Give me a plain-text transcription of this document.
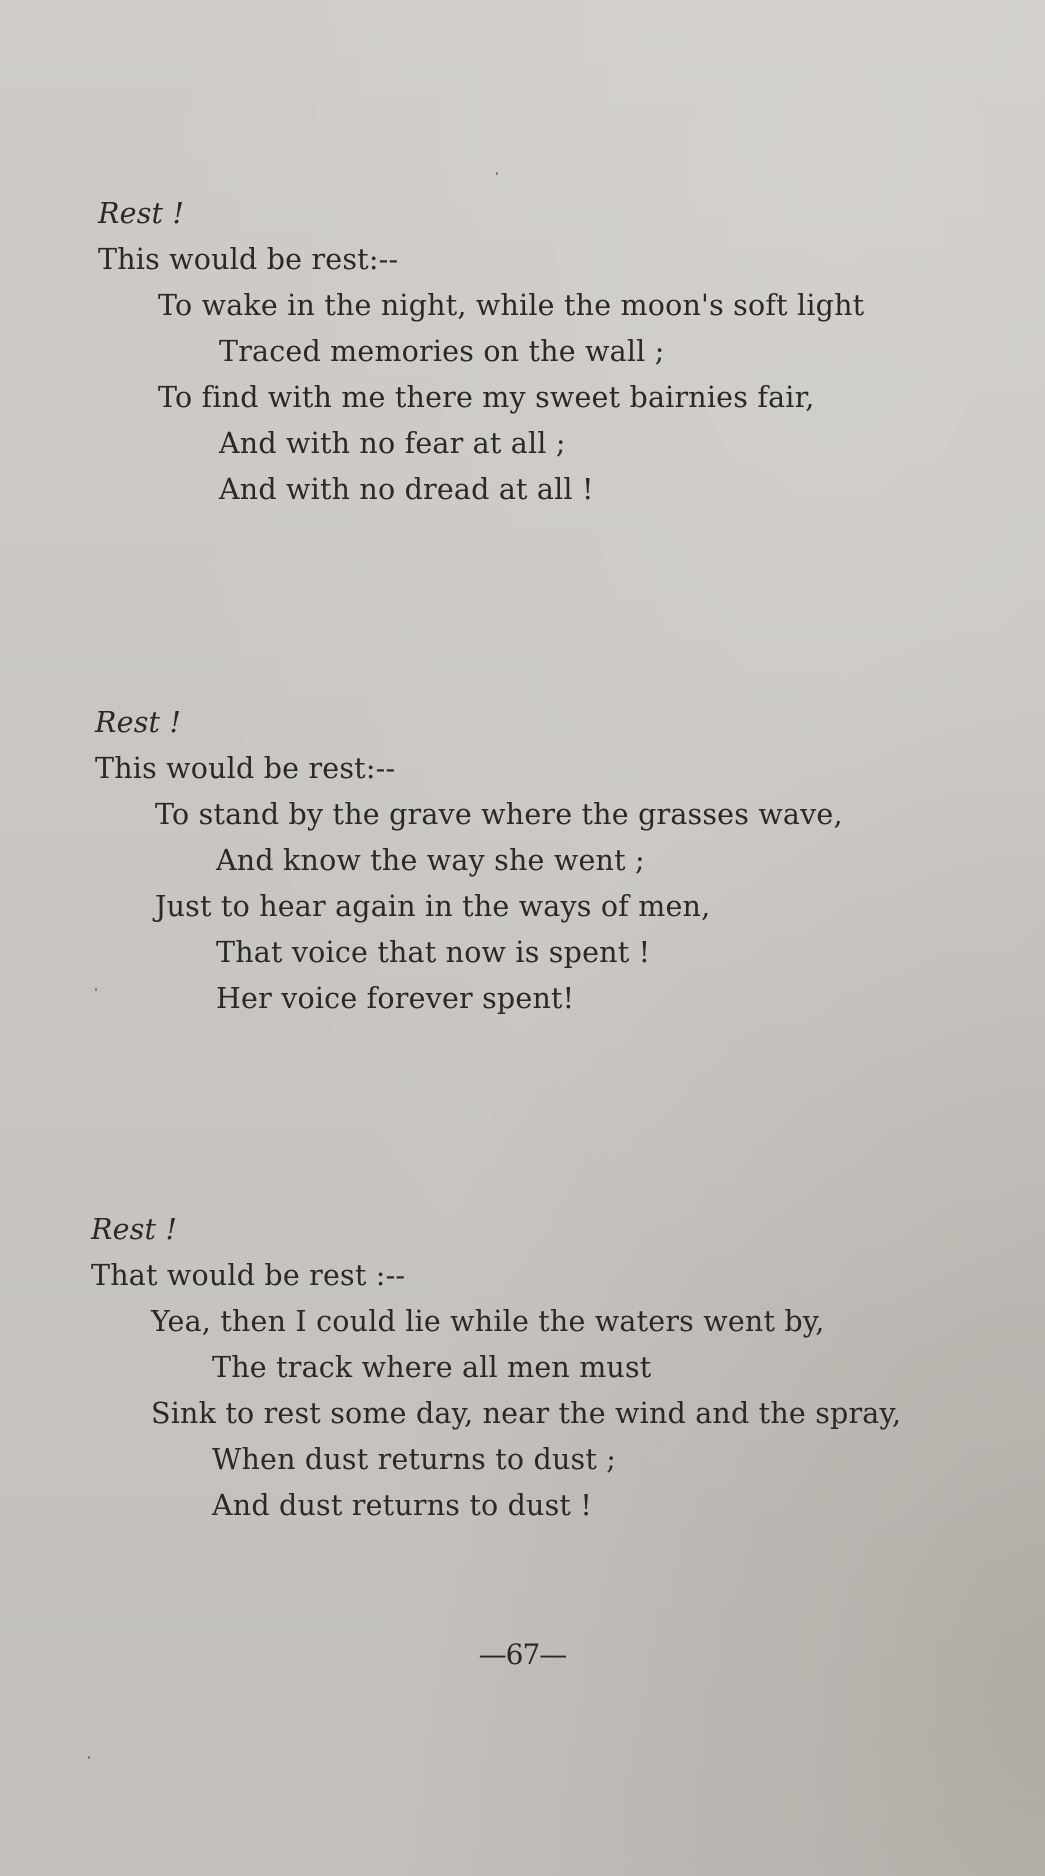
Rest !
This would be rest:--
To wake in the night, while the moon's soft light
Traced memories on the wall ;
To find with me there my sweet bairnies fair,
And with no fear at all ;
And with no dread at all !
Rest !
This would be rest:--
To stand by the grave where the grasses wave,
And know the way she went ;
Just to hear again in the ways of men,
That voice that now is spent !
Her voice forever spent!
Rest !
That would be rest :--
Yea, then I could lie while the waters went by,
The track where all men must
Sink to rest some day, near the wind and the spray,
When dust returns to dust ;
And dust returns to dust !
—67—
